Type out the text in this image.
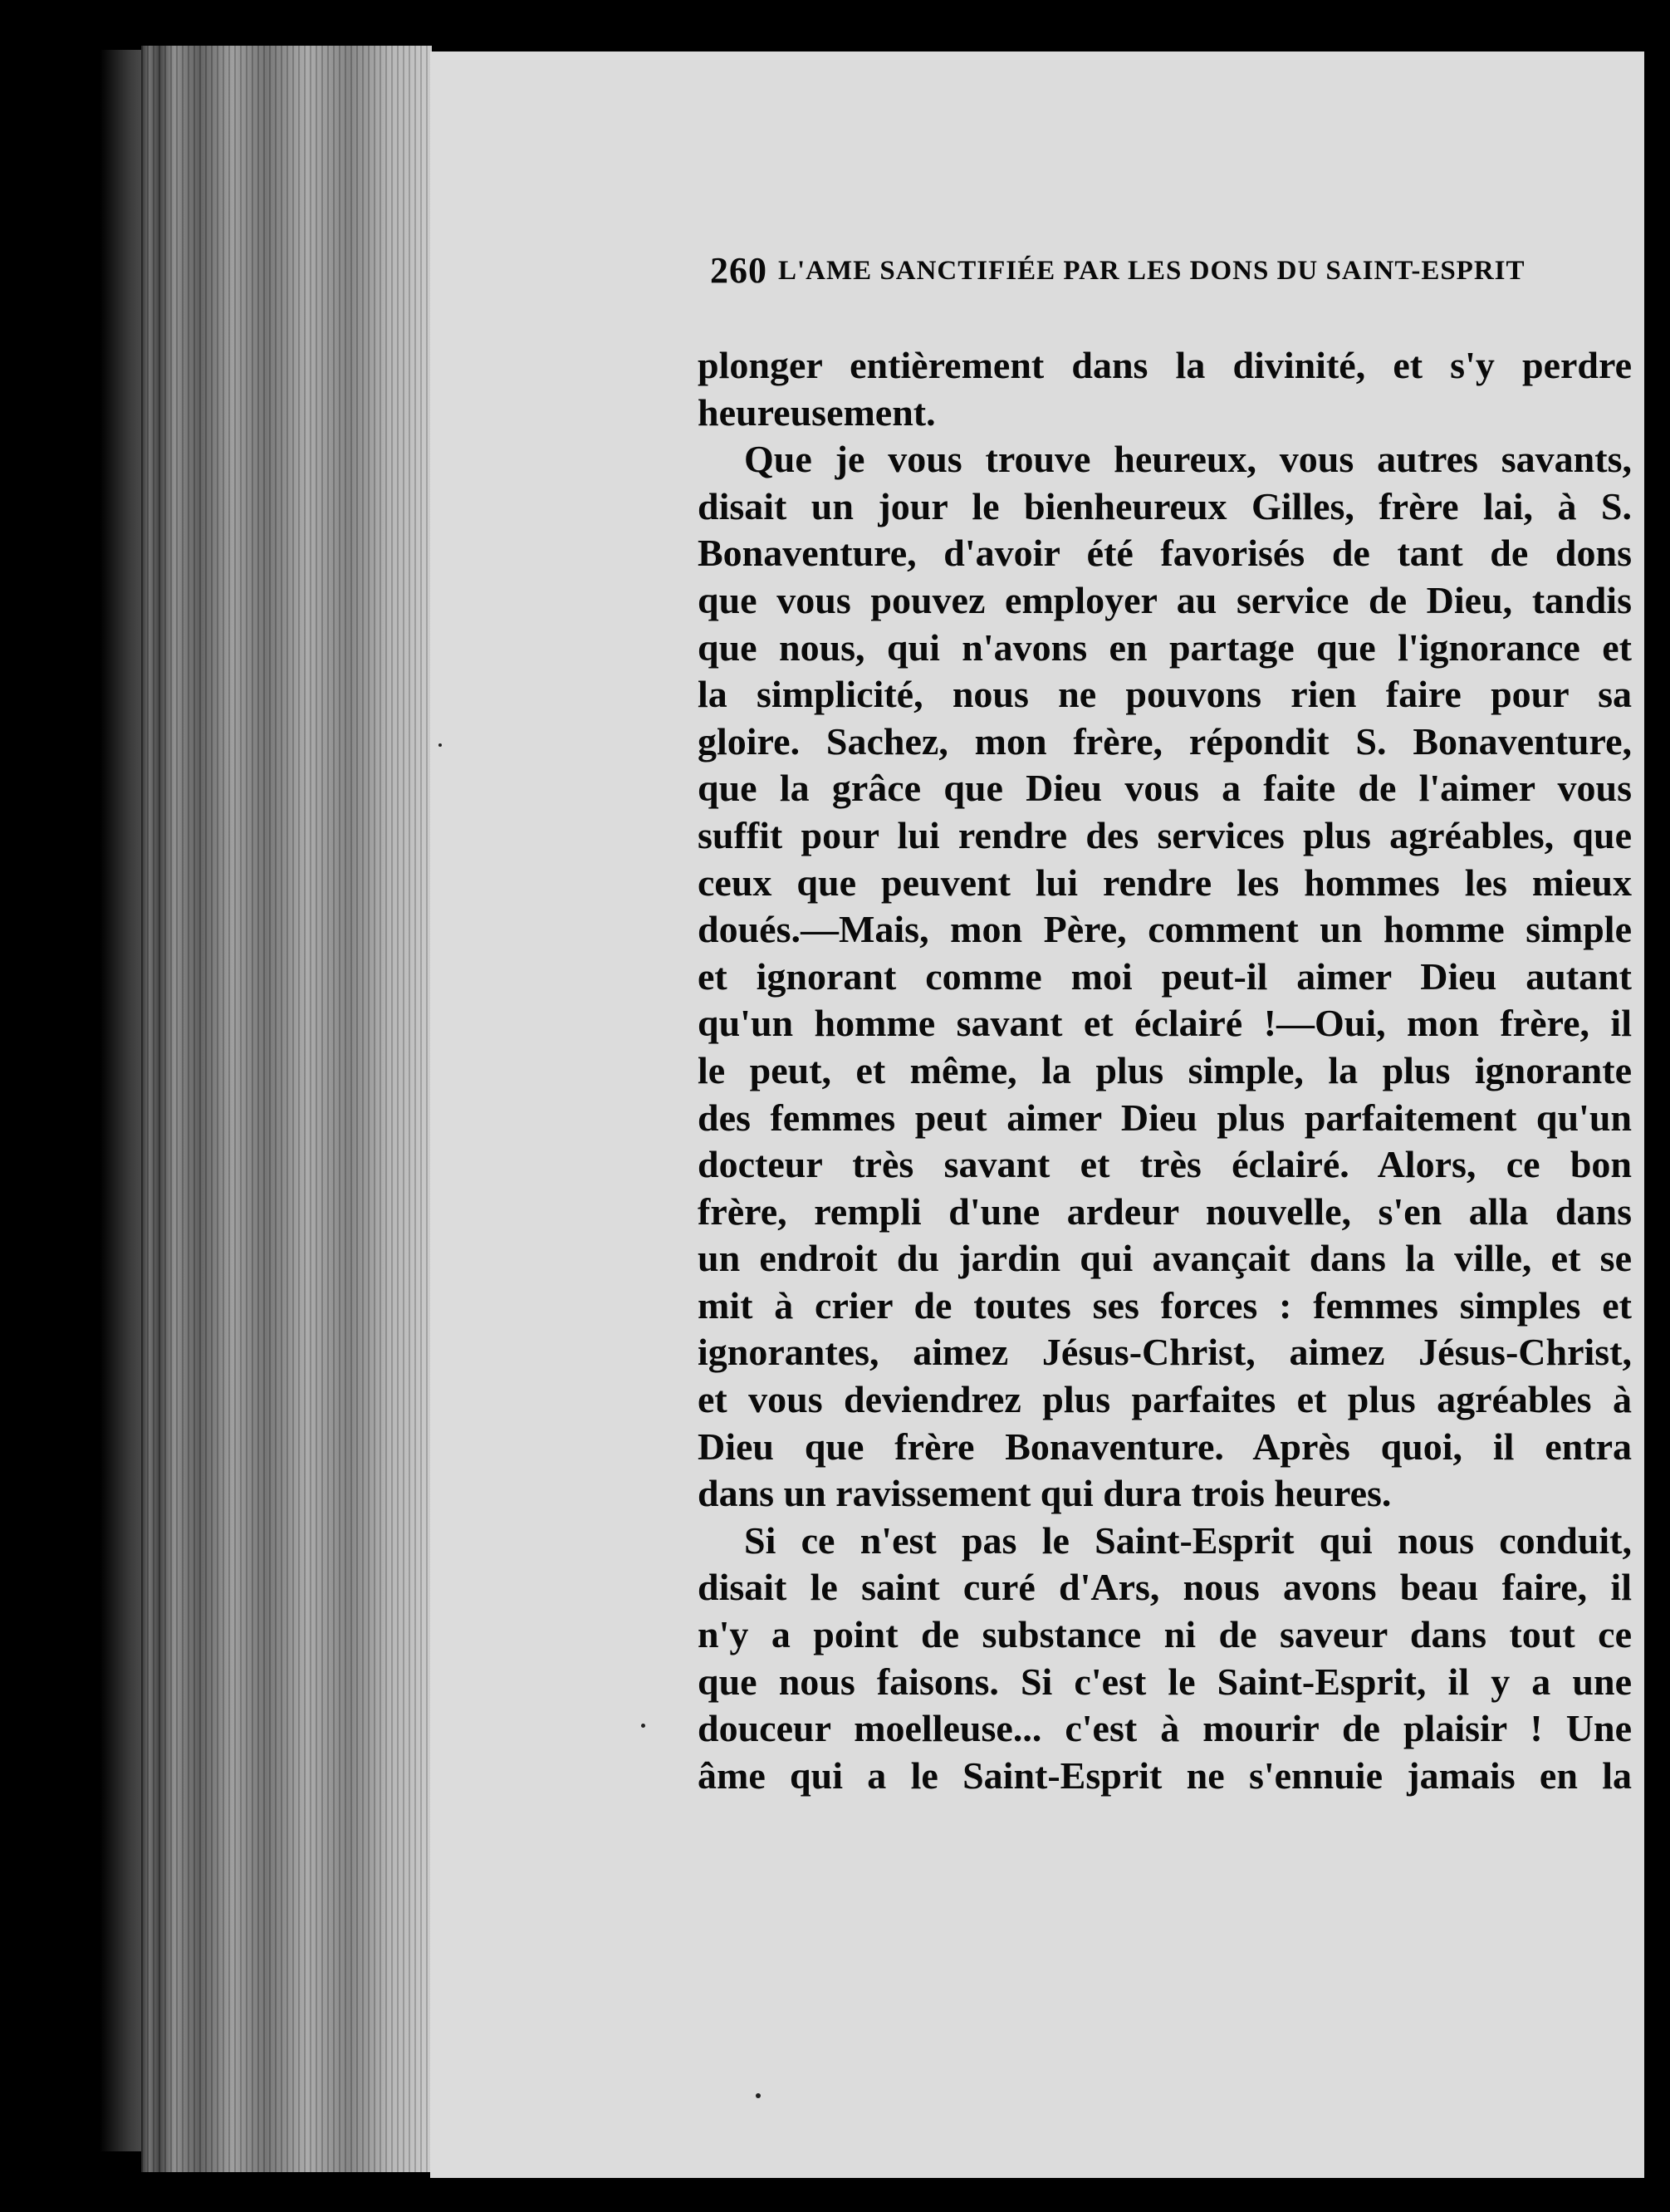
260 L'AME SANCTIFIÉE PAR LES DONS DU SAINT-ESPRIT
plonger entièrement dans la divinité, et s'y perdre
heureusement.
Que je vous trouve heureux, vous autres savants,
disait un jour le bienheureux Gilles, frère lai, à S.
Bonaventure, d'avoir été favorisés de tant de dons
que vous pouvez employer au service de Dieu, tandis
que nous, qui n'avons en partage que l'ignorance et
la simplicité, nous ne pouvons rien faire pour sa
gloire. Sachez, mon frère, répondit S. Bonaventure,
que la grâce que Dieu vous a faite de l'aimer vous
suffit pour lui rendre des services plus agréables, que
ceux que peuvent lui rendre les hommes les mieux
doués.—Mais, mon Père, comment un homme simple
et ignorant comme moi peut-il aimer Dieu autant
qu'un homme savant et éclairé !—Oui, mon frère, il
le peut, et même, la plus simple, la plus ignorante
des femmes peut aimer Dieu plus parfaitement qu'un
docteur très savant et très éclairé. Alors, ce bon
frère, rempli d'une ardeur nouvelle, s'en alla dans
un endroit du jardin qui avançait dans la ville, et se
mit à crier de toutes ses forces : femmes simples et
ignorantes, aimez Jésus-Christ, aimez Jésus-Christ,
et vous deviendrez plus parfaites et plus agréables à
Dieu que frère Bonaventure. Après quoi, il entra
dans un ravissement qui dura trois heures.
Si ce n'est pas le Saint-Esprit qui nous conduit,
disait le saint curé d'Ars, nous avons beau faire, il
n'y a point de substance ni de saveur dans tout ce
que nous faisons. Si c'est le Saint-Esprit, il y a une
douceur moelleuse... c'est à mourir de plaisir ! Une
âme qui a le Saint-Esprit ne s'ennuie jamais en la
